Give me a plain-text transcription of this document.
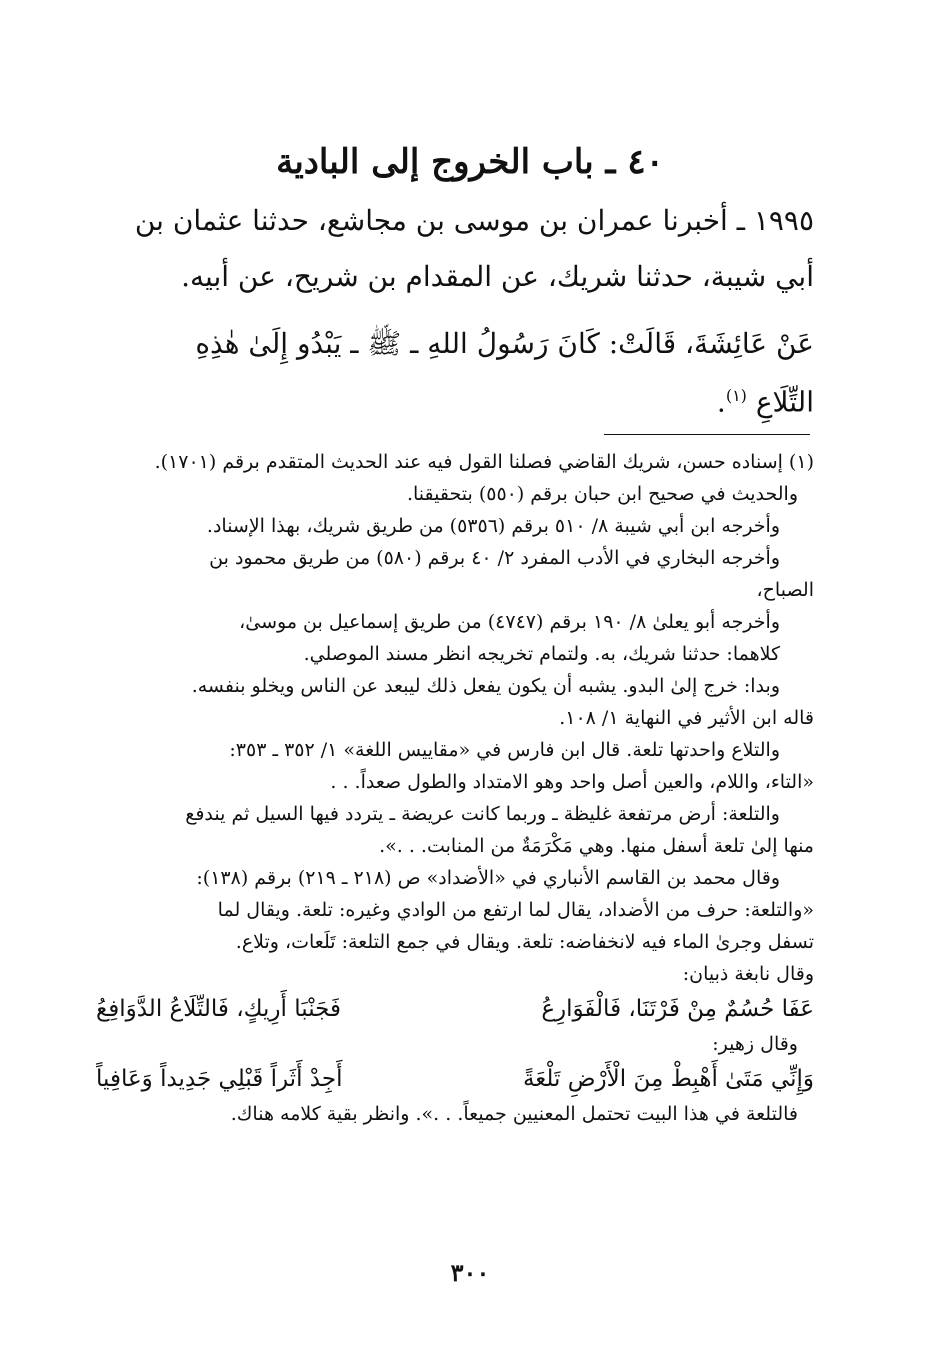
٤٠ ـ باب الخروج إلى البادية
١٩٩٥ ـ أخبرنا عمران بن موسى بن مجاشع، حدثنا عثمان بن
أبي شيبة، حدثنا شريك، عن المقدام بن شريح، عن أبيه.
عَنْ عَائِشَةَ، قَالَتْ: كَانَ رَسُولُ اللهِ ـ ﷺ ـ يَبْدُو إِلَىٰ هٰذِهِ
التِّلَاعِ $^{(١)}$.
(١) إسناده حسن، شريك القاضي فصلنا القول فيه عند الحديث المتقدم برقم (١٧٠١).
والحديث في صحيح ابن حبان برقم (٥٥٠) بتحقيقنا.
وأخرجه ابن أبي شيبة ٨/ ٥١٠ برقم (٥٣٥٦) من طريق شريك، بهذا الإسناد.
وأخرجه البخاري في الأدب المفرد ٢/ ٤٠ برقم (٥٨٠) من طريق محمود بن
الصباح،
وأخرجه أبو يعلىٰ ٨/ ١٩٠ برقم (٤٧٤٧) من طريق إسماعيل بن موسىٰ،
كلاهما: حدثنا شريك، به. ولتمام تخريجه انظر مسند الموصلي.
وبدا: خرج إلىٰ البدو. يشبه أن يكون يفعل ذلك ليبعد عن الناس ويخلو بنفسه.
قاله ابن الأثير في النهاية ١/ ١٠٨.
والتلاع واحدتها تلعة. قال ابن فارس في «مقاييس اللغة» ١/ ٣٥٢ ـ ٣٥٣:
«التاء، واللام، والعين أصل واحد وهو الامتداد والطول صعداً. . .
والتلعة: أرض مرتفعة غليظة ـ وربما كانت عريضة ـ يتردد فيها السيل ثم يندفع
منها إلىٰ تلعة أسفل منها. وهي مَكْرَمَةٌ من المنابت. . .».
وقال محمد بن القاسم الأنباري في «الأضداد» ص (٢١٨ ـ ٢١٩) برقم (١٣٨):
«والتلعة: حرف من الأضداد، يقال لما ارتفع من الوادي وغيره: تلعة. ويقال لما
تسفل وجرىٰ الماء فيه لانخفاضه: تلعة. ويقال في جمع التلعة: تَلَعات، وتلاع.
وقال نابغة ذبيان:
عَفَا حُسُمٌ مِنْ فَرْتَنَا، فَالْفَوَارِعُ
فَجَنْبَا أَرِيكٍ، فَالتِّلَاعُ الدَّوَافِعُ
وقال زهير:
وَإِنِّي مَتَىٰ أَهْبِطْ مِنَ الْأَرْضِ تَلْعَةً
أَجِدْ أَثَراً قَبْلِي جَدِيداً وَعَافِياً
فالتلعة في هذا البيت تحتمل المعنيين جميعاً. . .». وانظر بقية كلامه هناك.
٣٠٠
